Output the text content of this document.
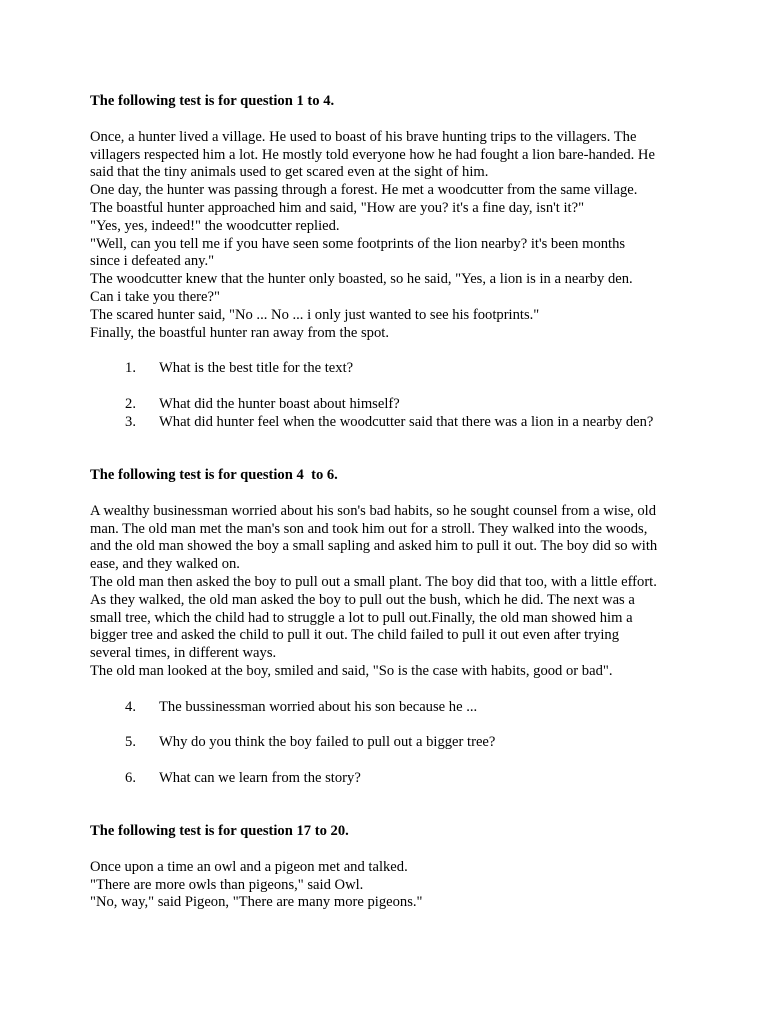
The following test is for question 1 to 4.

Once, a hunter lived a village. He used to boast of his brave hunting trips to the villagers. The

villagers respected him a lot. He mostly told everyone how he had fought a lion bare-handed. He

said that the tiny animals used to get scared even at the sight of him.

One day, the hunter was passing through a forest. He met a woodcutter from the same village.

The boastful hunter approached him and said, "How are you? it's a fine day, isn't it?"

"Yes, yes, indeed!" the woodcutter replied.

"Well, can you tell me if you have seen some footprints of the lion nearby? it's been months

since i defeated any."

The woodcutter knew that the hunter only boasted, so he said, "Yes, a lion is in a nearby den.

Can i take you there?"

The scared hunter said, "No ... No ... i only just wanted to see his footprints."

Finally, the boastful hunter ran away from the spot.

1. What is the best title for the text?
2. What did the hunter boast about himself?
3. What did hunter feel when the woodcutter said that there was a lion in a nearby den?

The following test is for question 4  to 6.

A wealthy businessman worried about his son's bad habits, so he sought counsel from a wise, old

man. The old man met the man's son and took him out for a stroll. They walked into the woods,

and the old man showed the boy a small sapling and asked him to pull it out. The boy did so with

ease, and they walked on.

The old man then asked the boy to pull out a small plant. The boy did that too, with a little effort.

As they walked, the old man asked the boy to pull out the bush, which he did. The next was a

small tree, which the child had to struggle a lot to pull out.Finally, the old man showed him a

bigger tree and asked the child to pull it out. The child failed to pull it out even after trying

several times, in different ways.

The old man looked at the boy, smiled and said, "So is the case with habits, good or bad".

4. The bussinessman worried about his son because he ...
5. Why do you think the boy failed to pull out a bigger tree?
6. What can we learn from the story?

The following test is for question 17 to 20.

Once upon a time an owl and a pigeon met and talked.

"There are more owls than pigeons," said Owl.

"No, way," said Pigeon, "There are many more pigeons."
